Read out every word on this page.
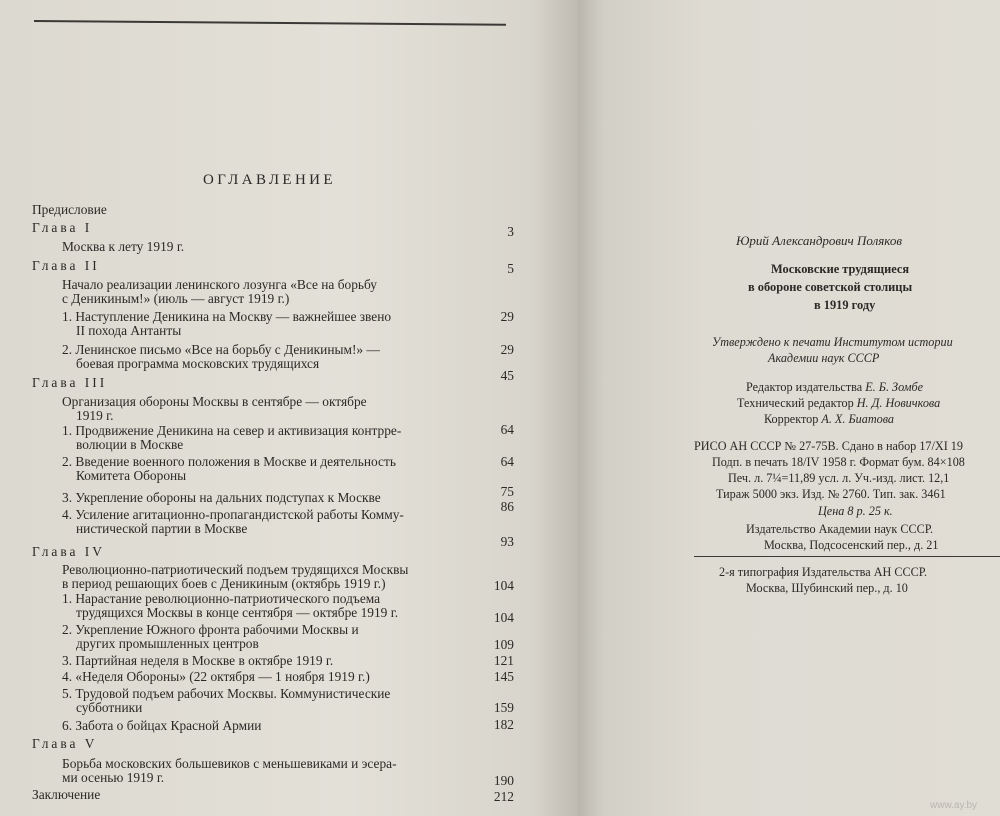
ОГЛАВЛЕНИЕ
Предисловие
Глава I
Москва к лету 1919 г.
Глава II
Начало реализации ленинского лозунга «Все на борьбу
с Деникиным!» (июль — август 1919 г.)
1. Наступление Деникина на Москву — важнейшее звено
II похода Антанты
2. Ленинское письмо «Все на борьбу с Деникиным!» —
боевая программа московских трудящихся
Глава III
Организация обороны Москвы в сентябре — октябре
1919 г.
1. Продвижение Деникина на север и активизация контрре-
волюции в Москве
2. Введение военного положения в Москве и деятельность
Комитета Обороны
3. Укрепление обороны на дальних подступах к Москве
4. Усиление агитационно-пропагандистской работы Комму-
нистической партии в Москве
Глава IV
Революционно-патриотический подъем трудящихся Москвы
в период решающих боев с Деникиным (октябрь 1919 г.)
1. Нарастание революционно-патриотического подъема
трудящихся Москвы в конце сентября — октябре 1919 г.
2. Укрепление Южного фронта рабочими Москвы и
других промышленных центров
3. Партийная неделя в Москве в октябре 1919 г.
4. «Неделя Обороны» (22 октября — 1 ноября 1919 г.)
5. Трудовой подъем рабочих Москвы. Коммунистические
субботники
6. Забота о бойцах Красной Армии
Глава V
Борьба московских большевиков с меньшевиками и эсера-
ми осенью 1919 г.
Заключение
3
5
29
29
45
64
64
75
86
93
104
104
109
121
145
159
182
190
212
Юрий Александрович Поляков
Московские трудящиеся
в обороне советской столицы
в 1919 году
Утверждено к печати Институтом истории
Академии наук СССР
Редактор издательства Е. Б. Зомбе
Технический редактор Н. Д. Новичкова
Корректор А. Х. Биатова
РИСО АН СССР № 27-75В. Сдано в набор 17/XI 19
Подп. в печать 18/IV 1958 г. Формат бум. 84×108
Печ. л. 7¼=11,89 усл. л. Уч.-изд. лист. 12,1
Тираж 5000 экз. Изд. № 2760. Тип. зак. 3461
Цена 8 р. 25 к.
Издательство Академии наук СССР.
Москва, Подсосенский пер., д. 21
2-я типография Издательства АН СССР.
Москва, Шубинский пер., д. 10
www.ay.by
